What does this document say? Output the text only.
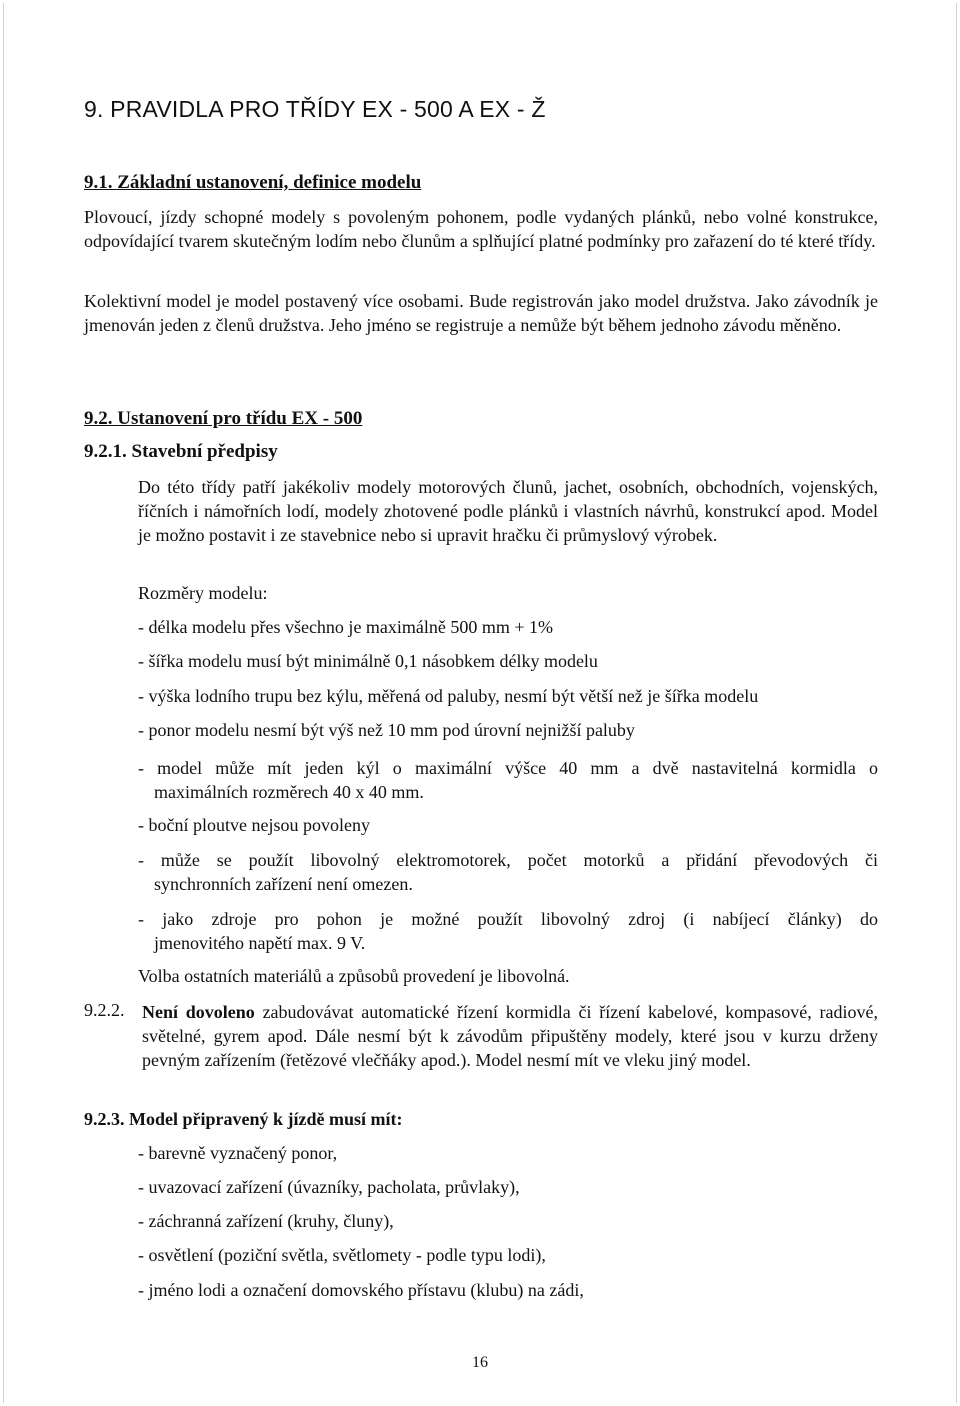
9. PRAVIDLA PRO TŘÍDY EX - 500 A EX - Ž
9.1. Základní ustanovení, definice modelu
Plovoucí, jízdy schopné modely s povoleným pohonem, podle vydaných plánků, nebo volné konstrukce, odpovídající tvarem skutečným lodím nebo člunům a splňující platné podmínky pro zařazení do té které třídy.
Kolektivní model je model postavený více osobami. Bude registrován jako model družstva. Jako závodník je jmenován jeden z členů družstva. Jeho jméno se registruje a nemůže být během jednoho závodu měněno.
9.2. Ustanovení pro třídu EX - 500
9.2.1. Stavební předpisy
Do této třídy patří jakékoliv modely motorových člunů, jachet, osobních, obchodních, vojenských, říčních i námořních lodí, modely zhotovené podle plánků i vlastních návrhů, konstrukcí apod. Model je možno postavit i ze stavebnice nebo si upravit hračku či průmyslový výrobek.
Rozměry modelu:
- délka modelu přes všechno je maximálně 500 mm + 1%
- šířka modelu musí být minimálně 0,1 násobkem délky modelu
- výška lodního trupu bez kýlu, měřená od paluby, nesmí být větší než je šířka modelu
- ponor modelu nesmí být výš než 10 mm pod úrovní nejnižší paluby
- model může mít jeden kýl o maximální výšce 40 mm a dvě nastavitelná kormidla o
maximálních rozměrech 40 x 40 mm.
- boční ploutve nejsou povoleny
- může se použít libovolný elektromotorek, počet motorků a přidání převodových či
synchronních zařízení není omezen.
- jako zdroje pro pohon je možné použít libovolný zdroj (i nabíjecí články) do
jmenovitého napětí max. 9 V.
Volba ostatních materiálů a způsobů provedení je libovolná.
9.2.2. Není dovoleno zabudovávat automatické řízení kormidla či řízení kabelové, kompasové, radiové, světelné, gyrem apod. Dále nesmí být k závodům připuštěny modely, které jsou v kurzu drženy pevným zařízením (řetězové vlečňáky apod.). Model nesmí mít ve vleku jiný model.
9.2.3. Model připravený k jízdě musí mít:
- barevně vyznačený ponor,
- uvazovací zařízení (úvazníky, pacholata, průvlaky),
- záchranná zařízení (kruhy, čluny),
- osvětlení (poziční světla, světlomety - podle typu lodi),
- jméno lodi a označení domovského přístavu (klubu) na zádi,
16
